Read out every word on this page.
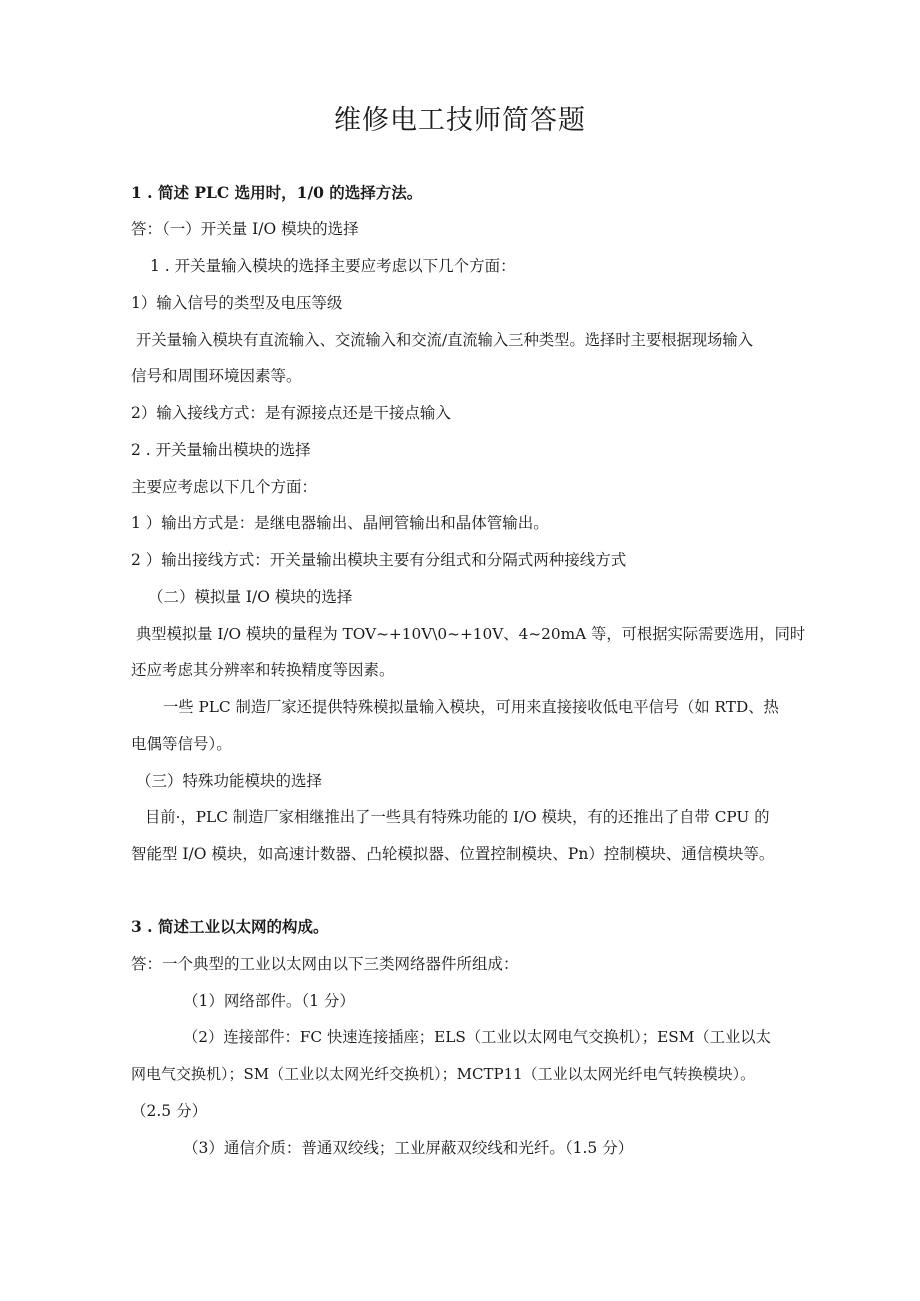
维修电工技师简答题
1 . 简述 PLC 选用时，1/0 的选择方法。
答：（一）开关量 I/O 模块的选择
1 . 开关量输入模块的选择主要应考虑以下几个方面：
1）输入信号的类型及电压等级
开关量输入模块有直流输入、交流输入和交流/直流输入三种类型。选择时主要根据现场输入
信号和周围环境因素等。
2）输入接线方式：是有源接点还是干接点输入
2 . 开关量输出模块的选择
主要应考虑以下几个方面：
1 ）输出方式是：是继电器输出、晶闸管输出和晶体管输出。
2 ）输出接线方式：开关量输出模块主要有分组式和分隔式两种接线方式
（二）模拟量 I/O 模块的选择
典型模拟量 I/O 模块的量程为 TOV~+10V\0~+10V、4~20mA 等，可根据实际需要选用，同时
还应考虑其分辨率和转换精度等因素。
一些 PLC 制造厂家还提供特殊模拟量输入模块，可用来直接接收低电平信号（如 RTD、热
电偶等信号）。
（三）特殊功能模块的选择
目前·，PLC 制造厂家相继推出了一些具有特殊功能的 I/O 模块，有的还推出了自带 CPU 的
智能型 I/O 模块，如高速计数器、凸轮模拟器、位置控制模块、Pn）控制模块、通信模块等。
3 . 简述工业以太网的构成。
答：一个典型的工业以太网由以下三类网络器件所组成：
（1）网络部件。（1 分）
（2）连接部件：FC 快速连接插座；ELS（工业以太网电气交换机）；ESM（工业以太
网电气交换机）；SM（工业以太网光纤交换机）；MCTP11（工业以太网光纤电气转换模块）。
（2.5 分）
（3）通信介质：普通双绞线；工业屏蔽双绞线和光纤。（1.5 分）
